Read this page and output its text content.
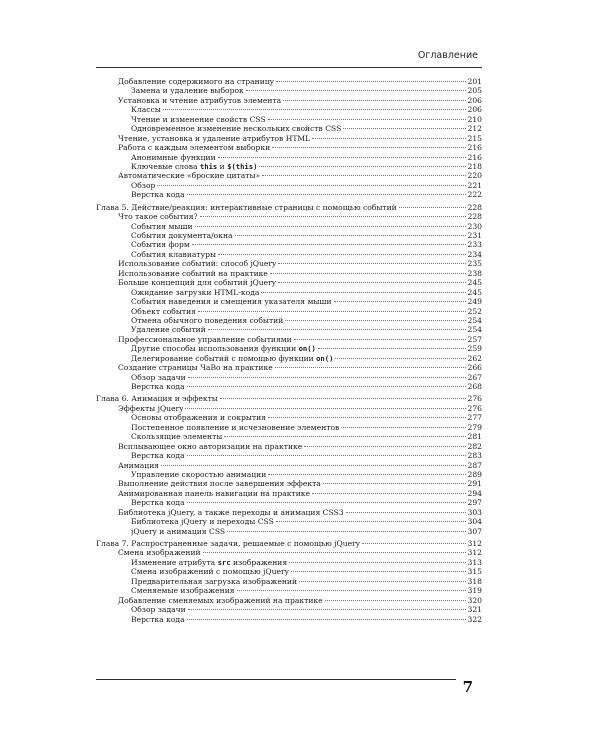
Оглавление
Добавление содержимого на страницу	201
Замена и удаление выборок	205
Установка и чтение атрибутов элемента	206
Классы	206
Чтение и изменение свойств CSS	210
Одновременное изменение нескольких свойств CSS	212
Чтение, установка и удаление атрибутов HTML	215
Работа с каждым элементом выборки	216
Анонимные функции	216
Ключевые слова this и $(this)	218
Автоматические «броские цитаты»	220
Обзор	221
Верстка кода	222
Глава 5. Действие/реакция: интерактивные страницы с помощью событий	228
Что такое события?	228
События мыши	230
События документа/окна	231
События форм	233
События клавиатуры	234
Использование событий: способ jQuery	235
Использование событий на практике	238
Больше концепций для событий jQuery	245
Ожидание загрузки HTML-кода	245
События наведения и смещения указателя мыши	249
Объект события	252
Отмена обычного поведения событий	254
Удаление событий	254
Профессиональное управление событиями	257
Другие способы использования функции on()	259
Делегирование событий с помощью функции on()	262
Создание страницы ЧаВо на практике	266
Обзор задачи	267
Верстка кода	268
Глава 6. Анимация и эффекты	276
Эффекты jQuery	276
Основы отображения и сокрытия	277
Постепенное появление и исчезновение элементов	279
Скользящие элементы	281
Всплывающее окно авторизации на практике	282
Верстка кода	283
Анимация	287
Управление скоростью анимации	289
Выполнение действия после завершения эффекта	291
Анимированная панель навигации на практике	294
Верстка кода	297
Библиотека jQuery, а также переходы и анимация CSS3	303
Библиотека jQuery и переходы CSS	304
jQuery и анимация CSS	307
Глава 7. Распространенные задачи, решаемые с помощью jQuery	312
Смена изображений	312
Изменение атрибута src изображения	313
Смена изображений с помощью jQuery	315
Предварительная загрузка изображений	318
Сменяемые изображения	319
Добавление сменяемых изображений на практике	320
Обзор задачи	321
Верстка кода	322
7
